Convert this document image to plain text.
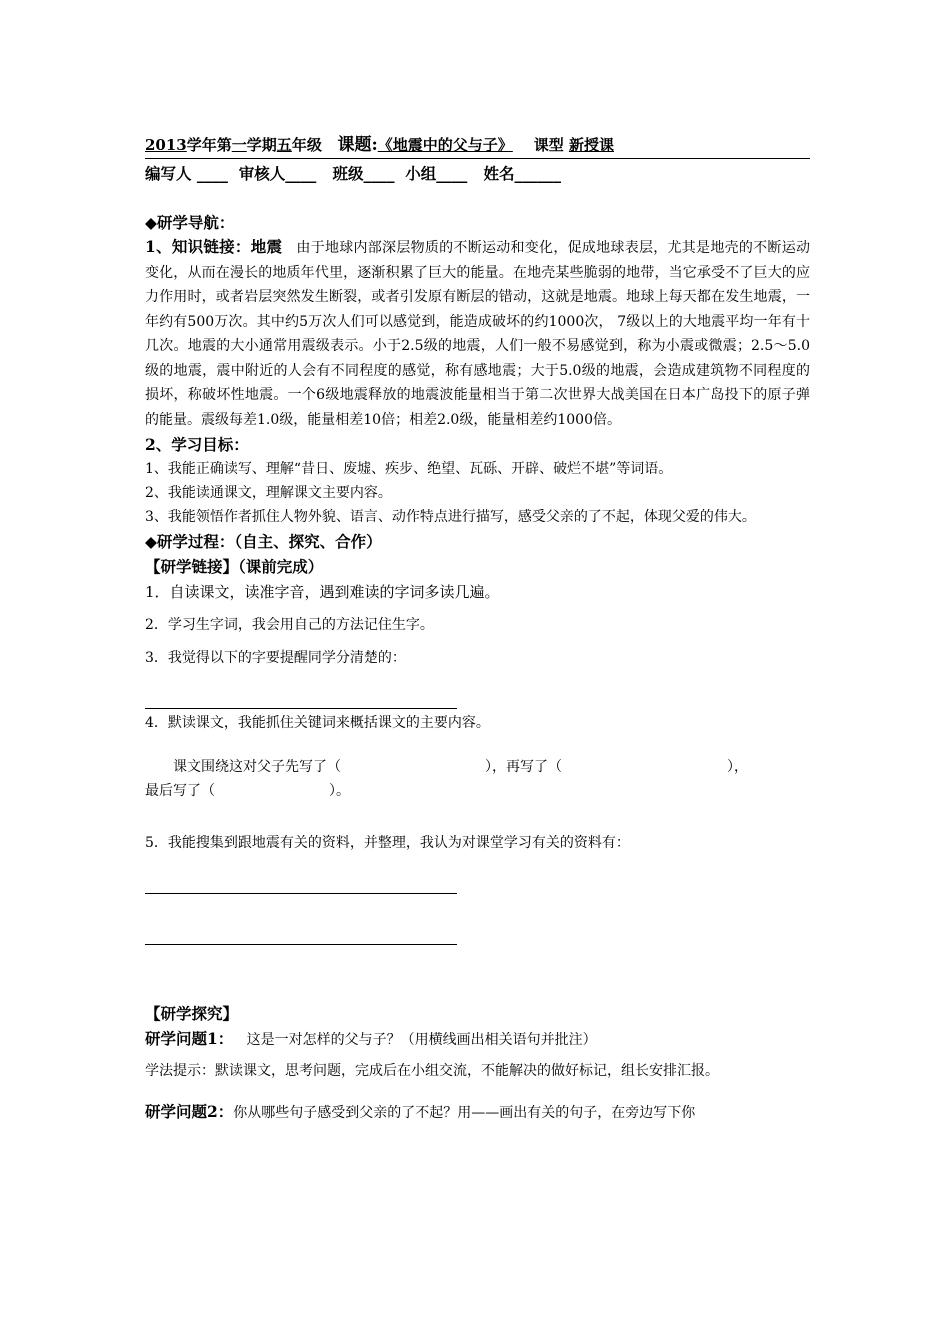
2013学年第一学期五年级 课题:《地震中的父与子》 课型 新授课
编写人 ____ 审核人____ 班级____ 小组____ 姓名______
◆研学导航：
1、知识链接：地震 由于地球内部深层物质的不断运动和变化，促成地球表层，尤其是地壳的不断运动变化，从而在漫长的地质年代里，逐渐积累了巨大的能量。在地壳某些脆弱的地带，当它承受不了巨大的应力作用时，或者岩层突然发生断裂，或者引发原有断层的错动，这就是地震。地球上每天都在发生地震，一年约有500万次。其中约5万次人们可以感觉到，能造成破坏的约1000次， 7级以上的大地震平均一年有十几次。地震的大小通常用震级表示。小于2.5级的地震，人们一般不易感觉到，称为小震或微震；2.5～5.0级的地震，震中附近的人会有不同程度的感觉，称有感地震；大于5.0级的地震，会造成建筑物不同程度的损坏，称破坏性地震。一个6级地震释放的地震波能量相当于第二次世界大战美国在日本广岛投下的原子弹的能量。震级每差1.0级，能量相差10倍；相差2.0级，能量相差约1000倍。
2、学习目标：
1、我能正确读写、理解“昔日、废墟、疾步、绝望、瓦砾、开辟、破烂不堪”等词语。
2、我能读通课文，理解课文主要内容。
3、我能领悟作者抓住人物外貌、语言、动作特点进行描写，感受父亲的了不起，体现父爱的伟大。
◆研学过程：（自主、探究、合作）
【研学链接】（课前完成）
1．自读课文，读准字音，遇到难读的字词多读几遍。
2．学习生字词，我会用自己的方法记住生字。
3．我觉得以下的字要提醒同学分清楚的：
4．默读课文，我能抓住关键词来概括课文的主要内容。
课文围绕这对父子先写了（	），再写了（	），
最后写了（	）。
5．我能搜集到跟地震有关的资料，并整理，我认为对课堂学习有关的资料有：
【研学探究】
研学问题1： 这是一对怎样的父与子？（用横线画出相关语句并批注）
学法提示：默读课文，思考问题，完成后在小组交流，不能解决的做好标记，组长安排汇报。
研学问题2：你从哪些句子感受到父亲的了不起？用——画出有关的句子，在旁边写下你
